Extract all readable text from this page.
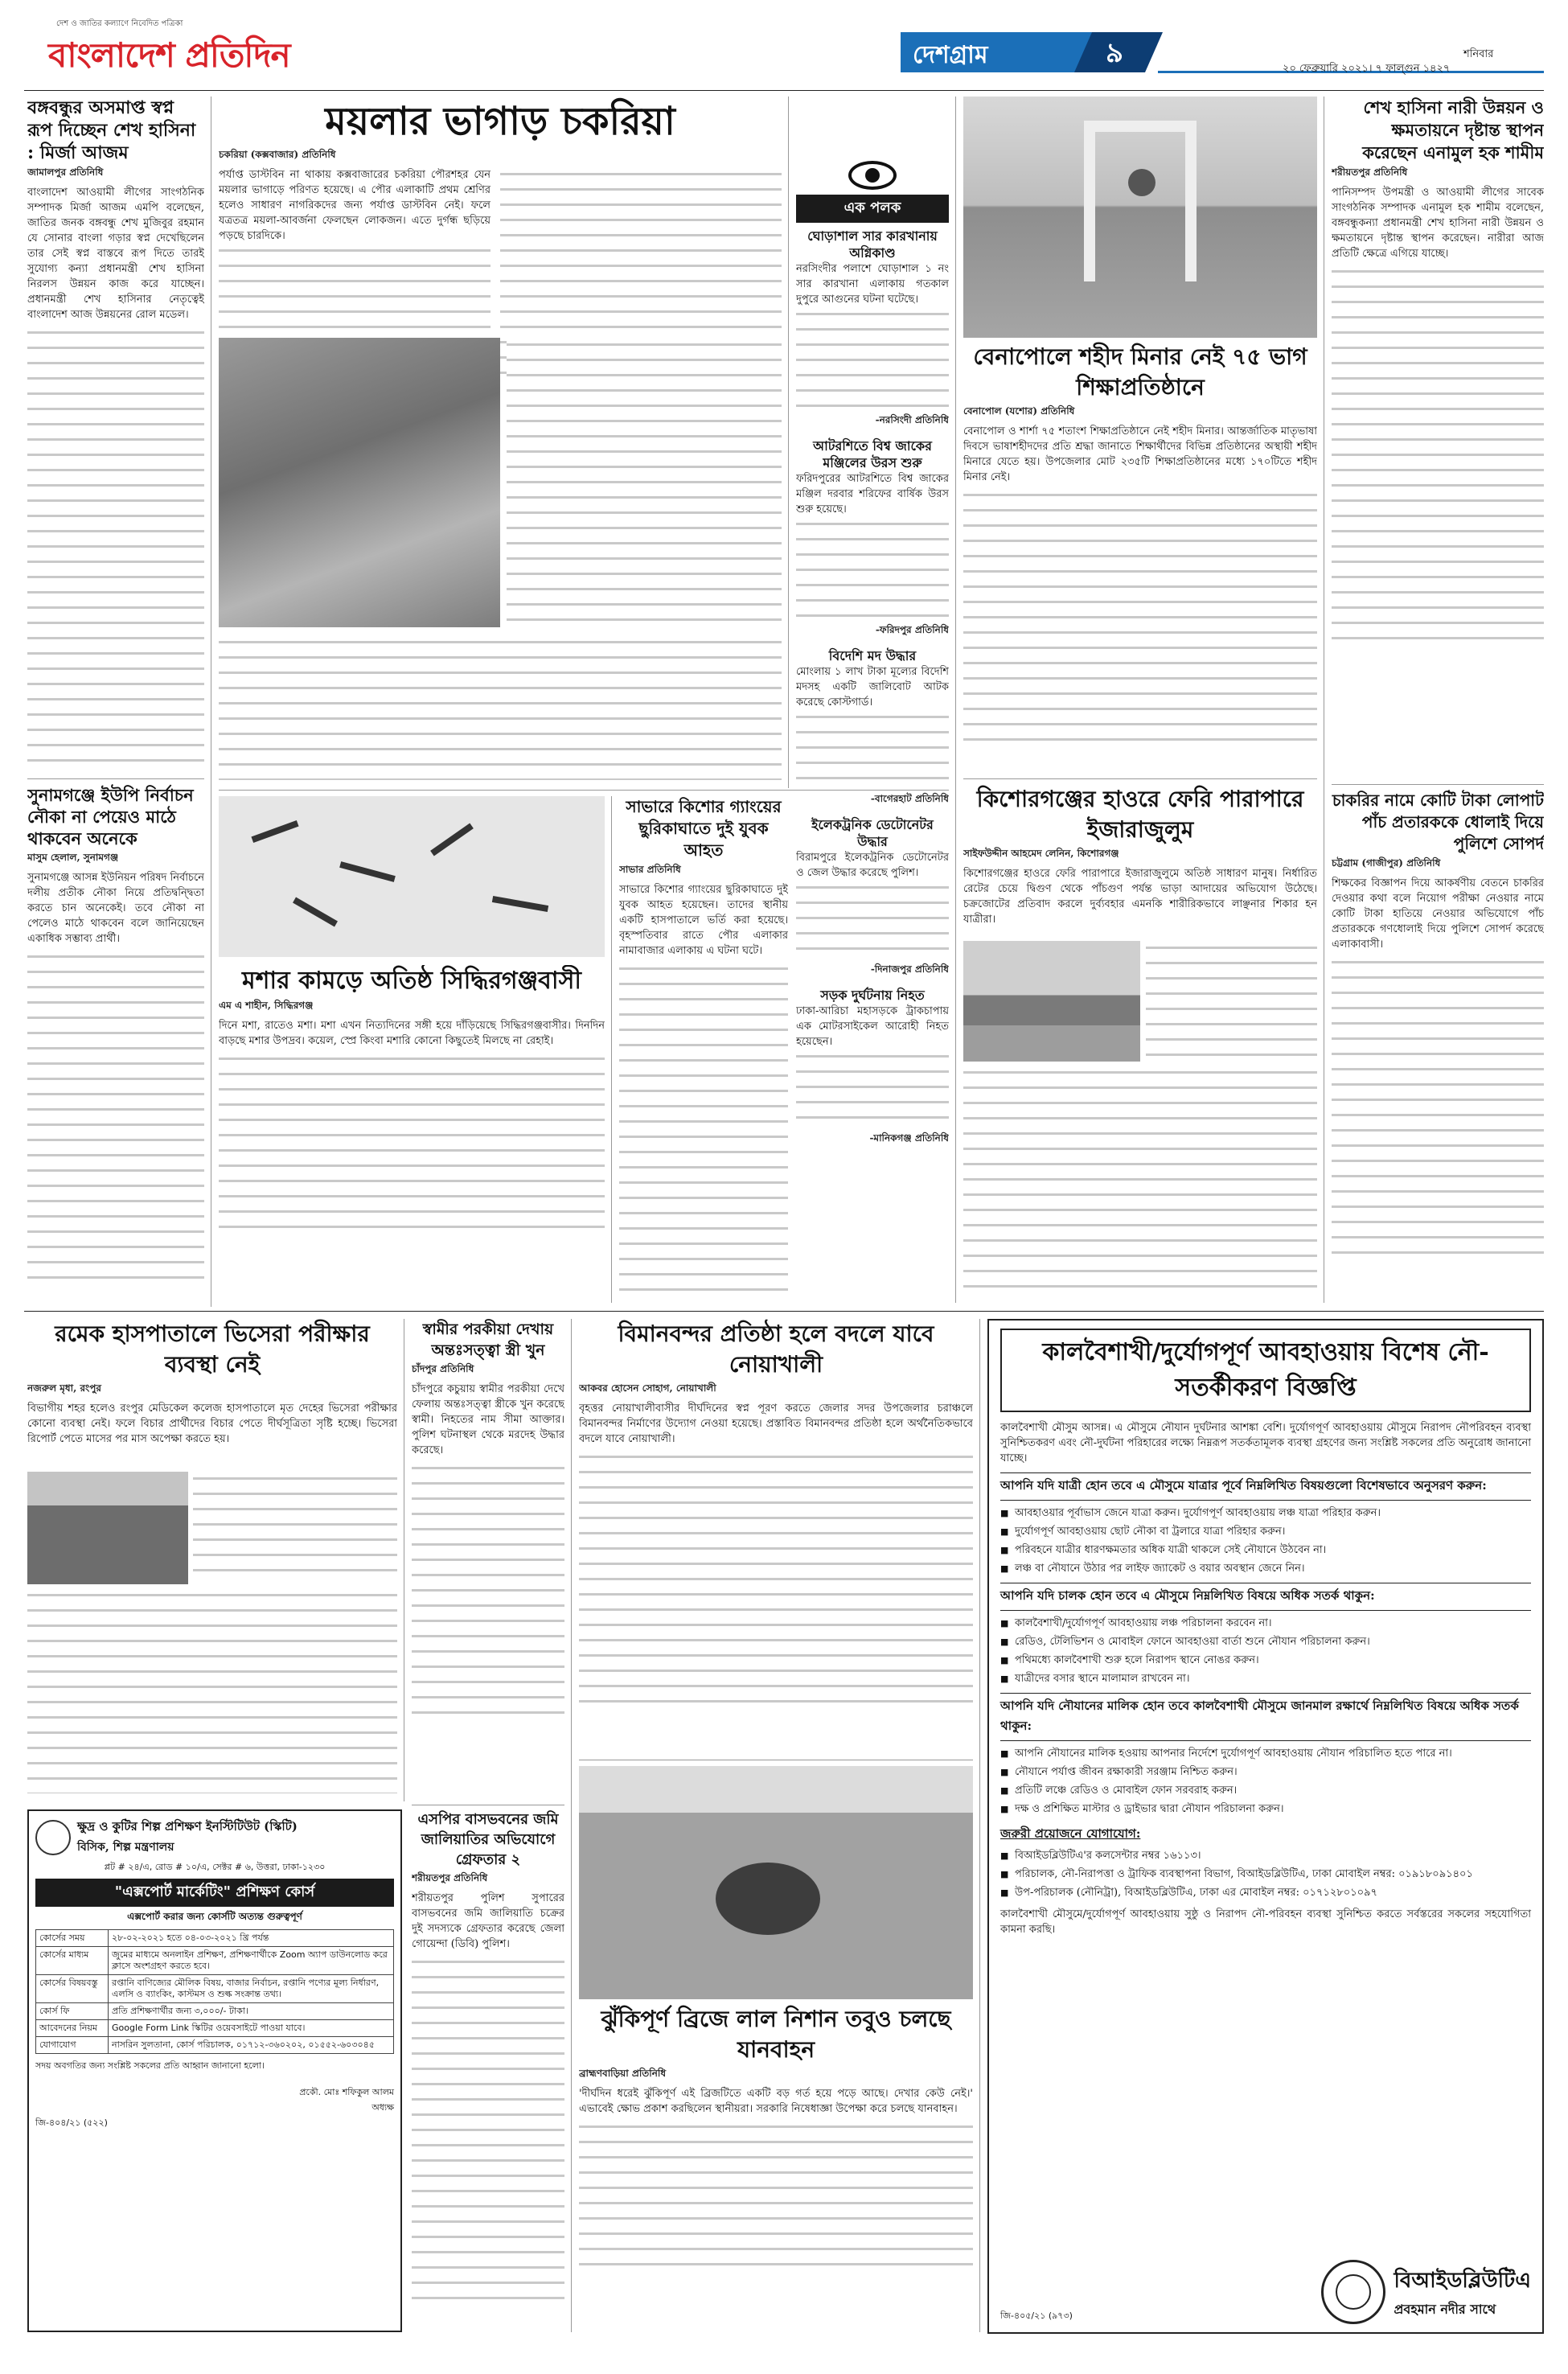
দেশ ও জাতির কল্যাণে নিবেদিত পত্রিকা
বাংলাদেশ প্রতিদিন	দেশগ্রাম	৯	শনিবার
২০ ফেব্রুয়ারি ২০২১। ৭ ফাল্গুন ১৪২৭
বঙ্গবন্ধুর অসমাপ্ত স্বপ্ন রূপ দিচ্ছেন শেখ হাসিনা : মির্জা আজম
জামালপুর প্রতিনিধি
বাংলাদেশ আওয়ামী লীগের সাংগঠনিক সম্পাদক মির্জা আজম এমপি বলেছেন, জাতির জনক বঙ্গবন্ধু শেখ মুজিবুর রহমান যে সোনার বাংলা গড়ার স্বপ্ন দেখেছিলেন তার সেই স্বপ্ন বাস্তবে রূপ দিতে তারই সুযোগ্য কন্যা প্রধানমন্ত্রী শেখ হাসিনা নিরলস উন্নয়ন কাজ করে যাচ্ছেন। প্রধানমন্ত্রী শেখ হাসিনার নেতৃত্বেই বাংলাদেশ আজ উন্নয়নের রোল মডেল।
সুনামগঞ্জে ইউপি নির্বাচন নৌকা না পেয়েও মাঠে থাকবেন অনেকে
মাসুম হেলাল, সুনামগঞ্জ
সুনামগঞ্জে আসন্ন ইউনিয়ন পরিষদ নির্বাচনে দলীয় প্রতীক নৌকা নিয়ে প্রতিদ্বন্দ্বিতা করতে চান অনেকেই। তবে নৌকা না পেলেও মাঠে থাকবেন বলে জানিয়েছেন একাধিক সম্ভাব্য প্রার্থী।
ময়লার ভাগাড় চকরিয়া
চকরিয়া (কক্সবাজার) প্রতিনিধি
পর্যাপ্ত ডাস্টবিন না থাকায় কক্সবাজারের চকরিয়া পৌরশহর যেন ময়লার ভাগাড়ে পরিণত হয়েছে। এ পৌর এলাকাটি প্রথম শ্রেণির হলেও সাধারণ নাগরিকদের জন্য পর্যাপ্ত ডাস্টবিন নেই। ফলে যত্রতত্র ময়লা-আবর্জনা ফেলছেন লোকজন। এতে দুর্গন্ধ ছড়িয়ে পড়ছে চারদিকে।
এক পলক
ঘোড়াশাল সার কারখানায় অগ্নিকাণ্ড
নরসিংদীর পলাশে ঘোড়াশাল ১ নং সার কারখানা এলাকায় গতকাল দুপুরে আগুনের ঘটনা ঘটেছে।
-নরসিংদী প্রতিনিধি
আটরশিতে বিশ্ব জাকের মঞ্জিলের উরস শুরু
ফরিদপুরের আটরশিতে বিশ্ব জাকের মঞ্জিল দরবার শরিফের বার্ষিক উরস শুরু হয়েছে।
-ফরিদপুর প্রতিনিধি
বিদেশি মদ উদ্ধার
মোংলায় ১ লাখ টাকা মূল্যের বিদেশি মদসহ একটি জালিবোট আটক করেছে কোস্টগার্ড।
-বাগেরহাট প্রতিনিধি
ইলেকট্রনিক ডেটোনেটর উদ্ধার
বিরামপুরে ইলেকট্রনিক ডেটোনেটর ও জেল উদ্ধার করেছে পুলিশ।
-দিনাজপুর প্রতিনিধি
সড়ক দুর্ঘটনায় নিহত
ঢাকা-আরিচা মহাসড়কে ট্রাকচাপায় এক মোটরসাইকেল আরোহী নিহত হয়েছেন।
-মানিকগঞ্জ প্রতিনিধি
বেনাপোলে শহীদ মিনার নেই ৭৫ ভাগ শিক্ষাপ্রতিষ্ঠানে
বেনাপোল (যশোর) প্রতিনিধি
বেনাপোল ও শার্শা ৭৫ শতাংশ শিক্ষাপ্রতিষ্ঠানে নেই শহীদ মিনার। আন্তর্জাতিক মাতৃভাষা দিবসে ভাষাশহীদদের প্রতি শ্রদ্ধা জানাতে শিক্ষার্থীদের বিভিন্ন প্রতিষ্ঠানের অস্থায়ী শহীদ মিনারে যেতে হয়। উপজেলার মোট ২৩৫টি শিক্ষাপ্রতিষ্ঠানের মধ্যে ১৭০টিতে শহীদ মিনার নেই।
কিশোরগঞ্জের হাওরে ফেরি পারাপারে ইজারাজুলুম
সাইফউদ্দীন আহমেদ লেনিন, কিশোরগঞ্জ
কিশোরগঞ্জের হাওরে ফেরি পারাপারে ইজারাজুলুমে অতিষ্ঠ সাধারণ মানুষ। নির্ধারিত রেটের চেয়ে দ্বিগুণ থেকে পাঁচগুণ পর্যন্ত ভাড়া আদায়ের অভিযোগ উঠেছে। চক্রজোটের প্রতিবাদ করলে দুর্ব্যবহার এমনকি শারীরিকভাবে লাঞ্ছনার শিকার হন যাত্রীরা।
শেখ হাসিনা নারী উন্নয়ন ও ক্ষমতায়নে দৃষ্টান্ত স্থাপন করেছেন এনামুল হক শামীম
শরীয়তপুর প্রতিনিধি
পানিসম্পদ উপমন্ত্রী ও আওয়ামী লীগের সাবেক সাংগঠনিক সম্পাদক এনামুল হক শামীম বলেছেন, বঙ্গবন্ধুকন্যা প্রধানমন্ত্রী শেখ হাসিনা নারী উন্নয়ন ও ক্ষমতায়নে দৃষ্টান্ত স্থাপন করেছেন। নারীরা আজ প্রতিটি ক্ষেত্রে এগিয়ে যাচ্ছে।
চাকরির নামে কোটি টাকা লোপাট পাঁচ প্রতারককে ধোলাই দিয়ে পুলিশে সোপর্দ
চট্টগ্রাম (গাজীপুর) প্রতিনিধি
শিক্ষকের বিজ্ঞাপন দিয়ে আকর্ষণীয় বেতনে চাকরির দেওয়ার কথা বলে নিয়োগ পরীক্ষা নেওয়ার নামে কোটি টাকা হাতিয়ে নেওয়ার অভিযোগে পাঁচ প্রতারককে গণধোলাই দিয়ে পুলিশে সোপর্দ করেছে এলাকাবাসী।
মশার কামড়ে অতিষ্ঠ সিদ্ধিরগঞ্জবাসী
এম এ শাহীন, সিদ্ধিরগঞ্জ
দিনে মশা, রাতেও মশা। মশা এখন নিত্যদিনের সঙ্গী হয়ে দাঁড়িয়েছে সিদ্ধিরগঞ্জবাসীর। দিনদিন বাড়ছে মশার উপদ্রব। কয়েল, স্প্রে কিংবা মশারি কোনো কিছুতেই মিলছে না রেহাই।
সাভারে কিশোর গ্যাংয়ের ছুরিকাঘাতে দুই যুবক আহত
সাভার প্রতিনিধি
সাভারে কিশোর গ্যাংয়ের ছুরিকাঘাতে দুই যুবক আহত হয়েছেন। তাদের স্থানীয় একটি হাসপাতালে ভর্তি করা হয়েছে। বৃহস্পতিবার রাতে পৌর এলাকার নামাবাজার এলাকায় এ ঘটনা ঘটে।
রমেক হাসপাতালে ভিসেরা পরীক্ষার ব্যবস্থা নেই
নজরুল মৃধা, রংপুর
বিভাগীয় শহর হলেও রংপুর মেডিকেল কলেজ হাসপাতালে মৃত দেহের ভিসেরা পরীক্ষার কোনো ব্যবস্থা নেই। ফলে বিচার প্রার্থীদের বিচার পেতে দীর্ঘসূত্রিতা সৃষ্টি হচ্ছে। ভিসেরা রিপোর্ট পেতে মাসের পর মাস অপেক্ষা করতে হয়।
স্বামীর পরকীয়া দেখায় অন্তঃসত্ত্বা স্ত্রী খুন
চাঁদপুর প্রতিনিধি
চাঁদপুরে কচুয়ায় স্বামীর পরকীয়া দেখে ফেলায় অন্তঃসত্ত্বা স্ত্রীকে খুন করেছে স্বামী। নিহতের নাম সীমা আক্তার। পুলিশ ঘটনাস্থল থেকে মরদেহ উদ্ধার করেছে।
বিমানবন্দর প্রতিষ্ঠা হলে বদলে যাবে নোয়াখালী
আকবর হোসেন সোহাগ, নোয়াখালী
বৃহত্তর নোয়াখালীবাসীর দীর্ঘদিনের স্বপ্ন পূরণ করতে জেলার সদর উপজেলার চরাঞ্চলে বিমানবন্দর নির্মাণের উদ্যোগ নেওয়া হয়েছে। প্রস্তাবিত বিমানবন্দর প্রতিষ্ঠা হলে অর্থনৈতিকভাবে বদলে যাবে নোয়াখালী।
এসপির বাসভবনের জমি জালিয়াতির অভিযোগে গ্রেফতার ২
শরীয়তপুর প্রতিনিধি
শরীয়তপুর পুলিশ সুপারের বাসভবনের জমি জালিয়াতি চক্রের দুই সদস্যকে গ্রেফতার করেছে জেলা গোয়েন্দা (ডিবি) পুলিশ।
ঝুঁকিপূর্ণ ব্রিজে লাল নিশান তবুও চলছে যানবাহন
ব্রাহ্মণবাড়িয়া প্রতিনিধি
'দীর্ঘদিন ধরেই ঝুঁকিপূর্ণ এই ব্রিজটিতে একটি বড় গর্ত হয়ে পড়ে আছে। দেখার কেউ নেই।' এভাবেই ক্ষোভ প্রকাশ করছিলেন স্থানীয়রা। সরকারি নিষেধাজ্ঞা উপেক্ষা করে চলছে যানবাহন।
ক্ষুদ্র ও কুটির শিল্প প্রশিক্ষণ ইনস্টিটিউট (স্কিটি)
বিসিক, শিল্প মন্ত্রণালয়
প্লট # ২৪/এ, রোড # ১০/এ, সেক্টর # ৬, উত্তরা, ঢাকা-১২৩০
"এক্সপোর্ট মার্কেটিং" প্রশিক্ষণ কোর্স
এক্সপোর্ট করার জন্য কোর্সটি অত্যন্ত গুরুত্বপূর্ণ
কোর্সের সময়	২৮-০২-২০২১ হতে ০৪-০৩-২০২১ খ্রি পর্যন্ত
কোর্সের মাধ্যম	জুমের মাধ্যমে অনলাইন প্রশিক্ষণ, প্রশিক্ষণার্থীকে Zoom অ্যাপ ডাউনলোড করে ক্লাসে অংশগ্রহণ করতে হবে।
কোর্সের বিষয়বস্তু	রপ্তানি বাণিজ্যের মৌলিক বিষয়, বাজার নির্বাচন, রপ্তানি পণ্যের মূল্য নির্ধারণ, এলসি ও ব্যাংকিং, কাস্টমস ও শুল্ক সংক্রান্ত তথ্য।
কোর্স ফি	প্রতি প্রশিক্ষণার্থীর জন্য ৩,০০০/- টাকা।
আবেদনের নিয়ম	Google Form Link স্কিটির ওয়েবসাইটে পাওয়া যাবে।
যোগাযোগ	নাসরিন সুলতানা, কোর্স পরিচালক, ০১৭১২-৩৬০২০২, ০১৫৫২-৬০৩০৪৫
সদয় অবগতির জন্য সংশ্লিষ্ট সকলের প্রতি আহ্বান জানানো হলো।
প্রকৌ. মোঃ শফিকুল আলম
অধ্যক্ষ
জি-৪০৪/২১ (৫২২)
কালবৈশাখী/দুর্যোগপূর্ণ আবহাওয়ায় বিশেষ নৌ-সতর্কীকরণ বিজ্ঞপ্তি
কালবৈশাখী মৌসুম আসন্ন। এ মৌসুমে নৌযান দুর্ঘটনার আশঙ্কা বেশি। দুর্যোগপূর্ণ আবহাওয়ায় মৌসুমে নিরাপদ নৌপরিবহন ব্যবস্থা সুনিশ্চিতকরণ এবং নৌ-দুর্ঘটনা পরিহারের লক্ষ্যে নিম্নরূপ সতর্কতামূলক ব্যবস্থা গ্রহণের জন্য সংশ্লিষ্ট সকলের প্রতি অনুরোধ জানানো যাচ্ছে।
আপনি যদি যাত্রী হোন তবে এ মৌসুমে যাত্রার পূর্বে নিম্নলিখিত বিষয়গুলো বিশেষভাবে অনুসরণ করুন:
■ আবহাওয়ার পূর্বাভাস জেনে যাত্রা করুন। দুর্যোগপূর্ণ আবহাওয়ায় লঞ্চ যাত্রা পরিহার করুন।
■ দুর্যোগপূর্ণ আবহাওয়ায় ছোট নৌকা বা ট্রলারে যাত্রা পরিহার করুন।
■ পরিবহনে যাত্রীর ধারণক্ষমতার অধিক যাত্রী থাকলে সেই নৌযানে উঠবেন না।
■ লঞ্চ বা নৌযানে উঠার পর লাইফ জ্যাকেট ও বয়ার অবস্থান জেনে নিন।
আপনি যদি চালক হোন তবে এ মৌসুমে নিম্নলিখিত বিষয়ে অধিক সতর্ক থাকুন:
■ কালবৈশাখী/দুর্যোগপূর্ণ আবহাওয়ায় লঞ্চ পরিচালনা করবেন না।
■ রেডিও, টেলিভিশন ও মোবাইল ফোনে আবহাওয়া বার্তা শুনে নৌযান পরিচালনা করুন।
■ পথিমধ্যে কালবৈশাখী শুরু হলে নিরাপদ স্থানে নোঙর করুন।
■ যাত্রীদের বসার স্থানে মালামাল রাখবেন না।
আপনি যদি নৌযানের মালিক হোন তবে কালবৈশাখী মৌসুমে জানমাল রক্ষার্থে নিম্নলিখিত বিষয়ে অধিক সতর্ক থাকুন:
■ আপনি নৌযানের মালিক হওয়ায় আপনার নির্দেশে দুর্যোগপূর্ণ আবহাওয়ায় নৌযান পরিচালিত হতে পারে না।
■ নৌযানে পর্যাপ্ত জীবন রক্ষাকারী সরঞ্জাম নিশ্চিত করুন।
■ প্রতিটি লঞ্চে রেডিও ও মোবাইল ফোন সরবরাহ করুন।
■ দক্ষ ও প্রশিক্ষিত মাস্টার ও ড্রাইভার দ্বারা নৌযান পরিচালনা করুন।
জরুরী প্রয়োজনে যোগাযোগ:
■ বিআইডব্লিউটিএ'র কলসেন্টার নম্বর ১৬১১৩।
■ পরিচালক, নৌ-নিরাপত্তা ও ট্রাফিক ব্যবস্থাপনা বিভাগ, বিআইডব্লিউটিএ, ঢাকা মোবাইল নম্বর: ০১৯১৮০৯১৪০১
■ উপ-পরিচালক (নৌনিট্রা), বিআইডব্লিউটিএ, ঢাকা এর মোবাইল নম্বর: ০১৭১২৮০১০৯৭
কালবৈশাখী মৌসুমে/দুর্যোগপূর্ণ আবহাওয়ায় সুষ্ঠু ও নিরাপদ নৌ-পরিবহন ব্যবস্থা সুনিশ্চিত করতে সর্বস্তরের সকলের সহযোগিতা কামনা করছি।
জি-৪০৫/২১ (৯৭৩)
বিআইডব্লিউটিএ
প্রবহমান নদীর সাথে
